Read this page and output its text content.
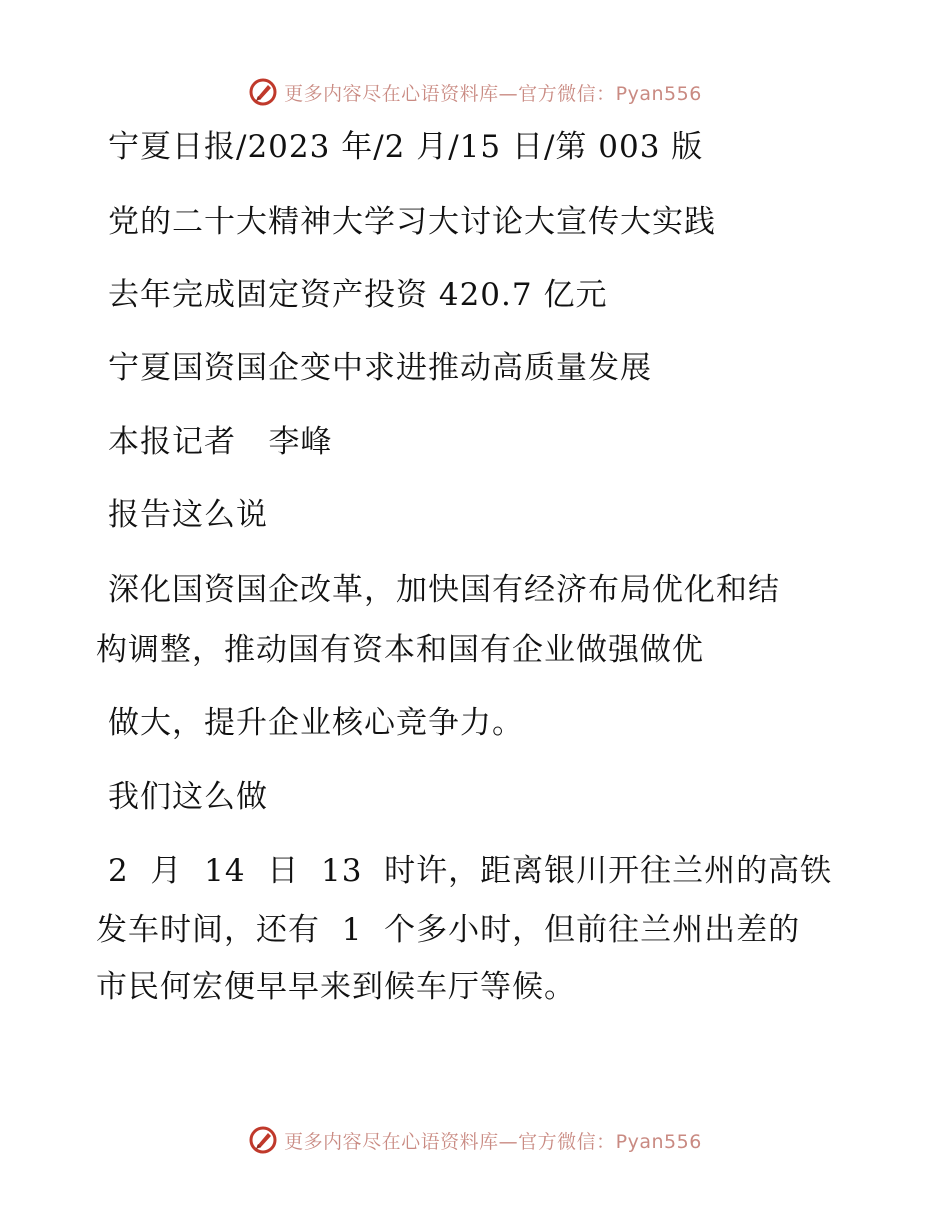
更多内容尽在心语资料库—官方微信：Pyan556
宁夏日报/2023 年/2 月/15 日/第 003 版
党的二十大精神大学习大讨论大宣传大实践
去年完成固定资产投资 420.7 亿元
宁夏国资国企变中求进推动高质量发展
本报记者   李峰
报告这么说
深化国资国企改革，加快国有经济布局优化和结
构调整，推动国有资本和国有企业做强做优
做大，提升企业核心竞争力。
我们这么做
2  月  14  日  13  时许，距离银川开往兰州的高铁
发车时间，还有  1  个多小时，但前往兰州出差的
市民何宏便早早来到候车厅等候。
更多内容尽在心语资料库—官方微信：Pyan556
